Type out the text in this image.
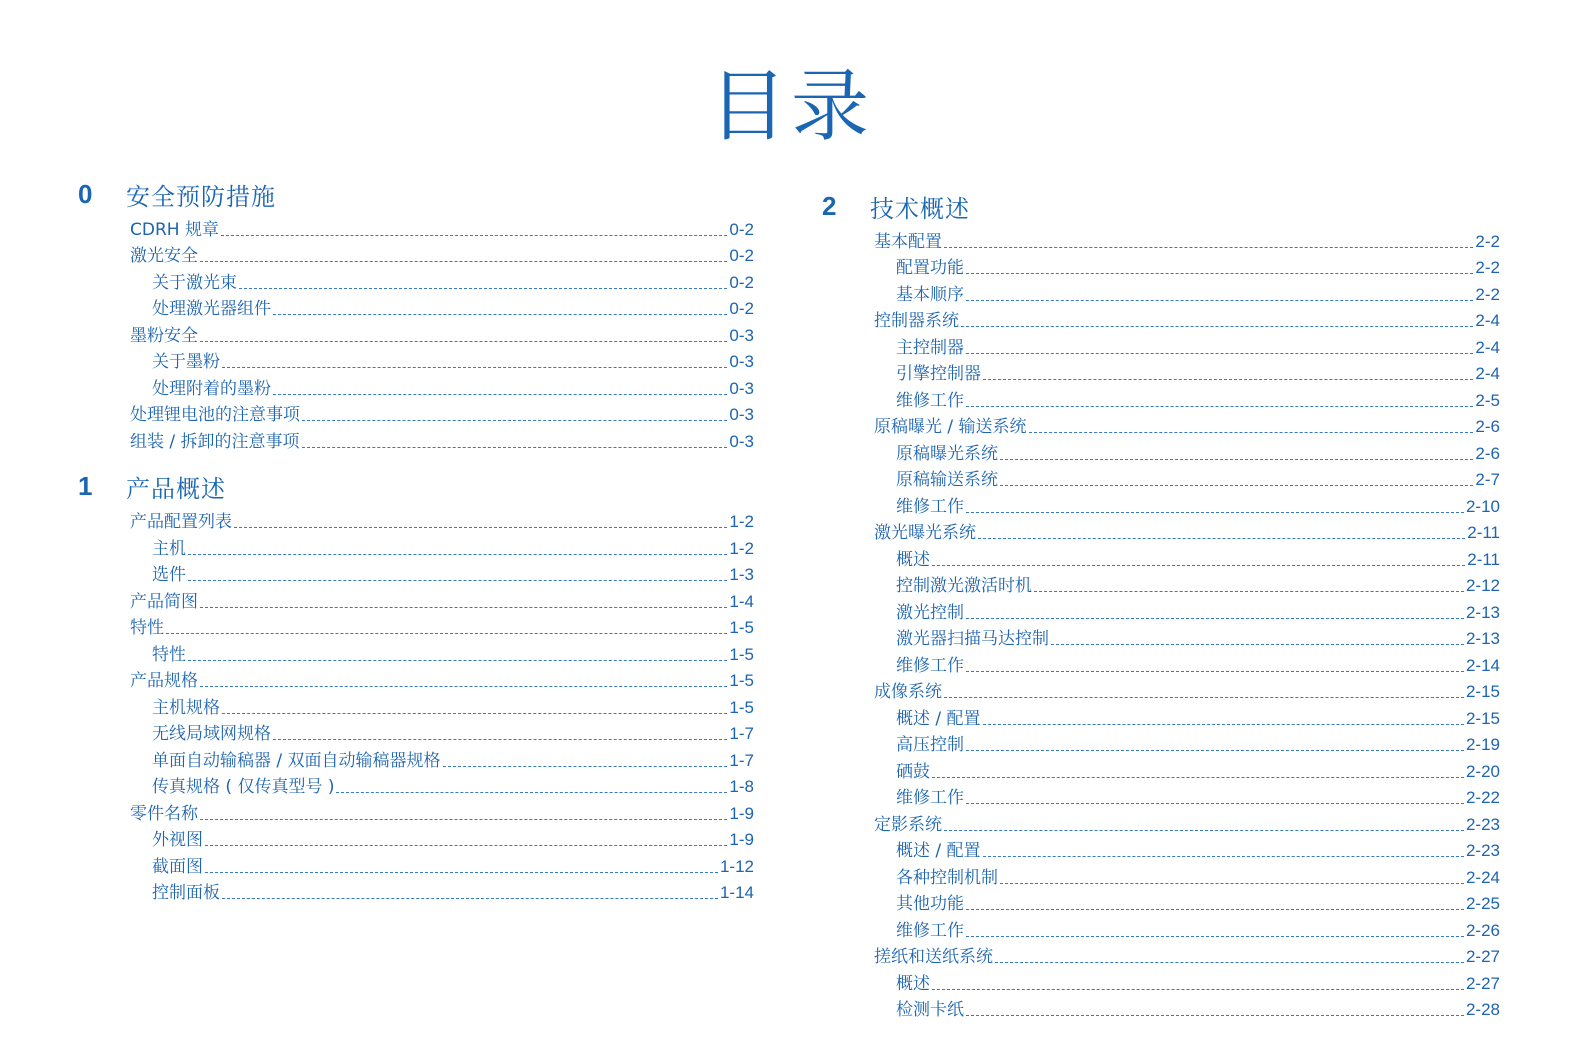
目录
0	安全预防措施
CDRH 规章	0-2
激光安全	0-2
关于激光束	0-2
处理激光器组件	0-2
墨粉安全	0-3
关于墨粉	0-3
处理附着的墨粉	0-3
处理锂电池的注意事项	0-3
组装 / 拆卸的注意事项	0-3
1	产品概述
产品配置列表	1-2
主机	1-2
选件	1-3
产品简图	1-4
特性	1-5
特性	1-5
产品规格	1-5
主机规格	1-5
无线局域网规格	1-7
单面自动输稿器 / 双面自动输稿器规格	1-7
传真规格 ( 仅传真型号 )	1-8
零件名称	1-9
外视图	1-9
截面图	1-12
控制面板	1-14
2	技术概述
基本配置	2-2
配置功能	2-2
基本顺序	2-2
控制器系统	2-4
主控制器	2-4
引擎控制器	2-4
维修工作	2-5
原稿曝光 / 输送系统	2-6
原稿曝光系统	2-6
原稿输送系统	2-7
维修工作	2-10
激光曝光系统	2-11
概述	2-11
控制激光激活时机	2-12
激光控制	2-13
激光器扫描马达控制	2-13
维修工作	2-14
成像系统	2-15
概述 / 配置	2-15
高压控制	2-19
硒鼓	2-20
维修工作	2-22
定影系统	2-23
概述 / 配置	2-23
各种控制机制	2-24
其他功能	2-25
维修工作	2-26
搓纸和送纸系统	2-27
概述	2-27
检测卡纸	2-28
